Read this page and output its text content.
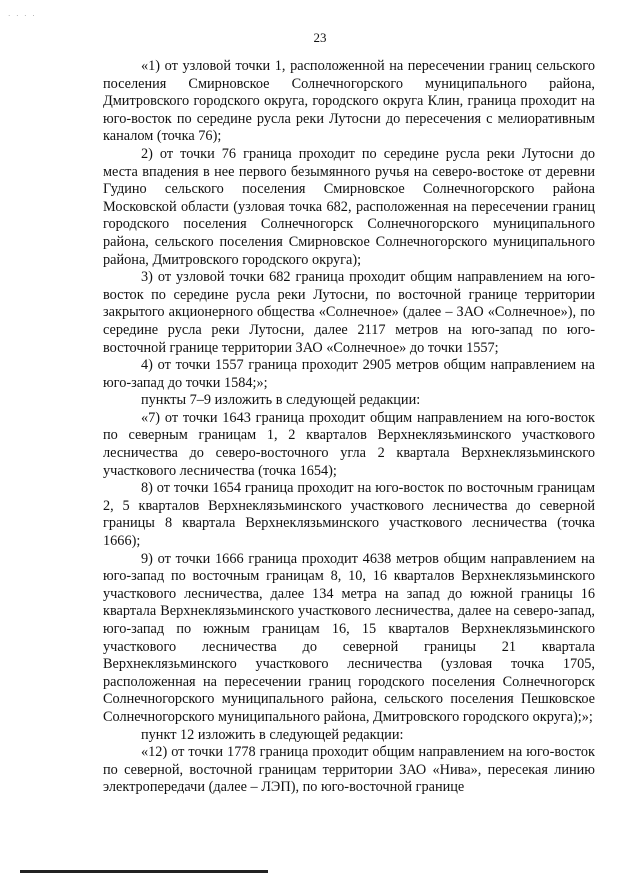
· · · ·
23

«1) от узловой точки 1, расположенной на пересечении границ сельского поселения Смирновское Солнечногорского муниципального района, Дмитровского городского округа, городского округа Клин, граница проходит на юго-восток по середине русла реки Лутосни до пересечения с мелиоративным каналом (точка 76);

2) от точки 76 граница проходит по середине русла реки Лутосни до места впадения в нее первого безымянного ручья на северо-востоке от деревни Гудино сельского поселения Смирновское Солнечногорского района Московской области (узловая точка 682, расположенная на пересечении границ городского поселения Солнечногорск Солнечногорского муниципального района, сельского поселения Смирновское Солнечногорского муниципального района, Дмитровского городского округа);

3) от узловой точки 682 граница проходит общим направлением на юго-восток по середине русла реки Лутосни, по восточной границе территории закрытого акционерного общества «Солнечное» (далее – ЗАО «Солнечное»), по середине русла реки Лутосни, далее 2117 метров на юго-запад по юго-восточной границе территории ЗАО «Солнечное» до точки 1557;

4) от точки 1557 граница проходит 2905 метров общим направлением на юго-запад до точки 1584;»;

пункты 7–9 изложить в следующей редакции:

«7) от точки 1643 граница проходит общим направлением на юго-восток по северным границам 1, 2 кварталов Верхнеклязьминского участкового лесничества до северо-восточного угла 2 квартала Верхнеклязьминского участкового лесничества (точка 1654);

8) от точки 1654 граница проходит на юго-восток по восточным границам 2, 5 кварталов Верхнеклязьминского участкового лесничества до северной границы 8 квартала Верхнеклязьминского участкового лесничества (точка 1666);

9) от точки 1666 граница проходит 4638 метров общим направлением на юго-запад по восточным границам 8, 10, 16 кварталов Верхнеклязьминского участкового лесничества, далее 134 метра на запад до южной границы 16 квартала Верхнеклязьминского участкового лесничества, далее на северо-запад, юго-запад по южным границам 16, 15 кварталов Верхнеклязьминского участкового лесничества до северной границы 21 квартала Верхнеклязьминского участкового лесничества (узловая точка 1705, расположенная на пересечении границ городского поселения Солнечногорск Солнечногорского муниципального района, сельского поселения Пешковское Солнечногорского муниципального района, Дмитровского городского округа);»;

пункт 12 изложить в следующей редакции:

«12) от точки 1778 граница проходит общим направлением на юго-восток по северной, восточной границам территории ЗАО «Нива», пересекая линию электропередачи (далее – ЛЭП), по юго-восточной границе
